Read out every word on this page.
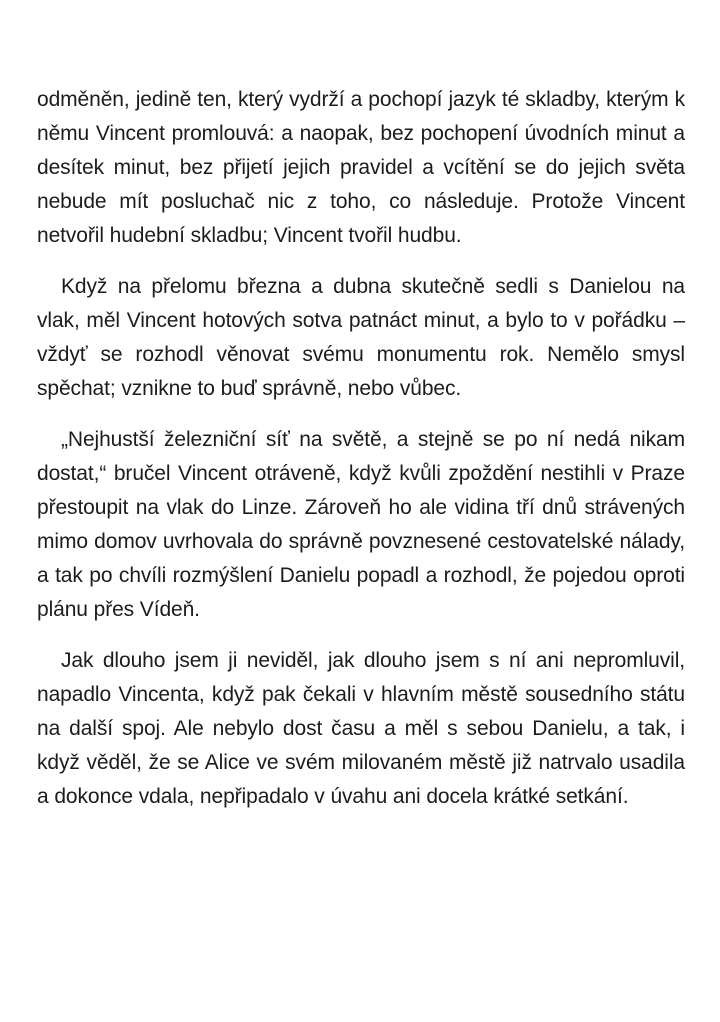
odměněn, jedině ten, který vydrží a pochopí jazyk té skladby, kterým k němu Vincent promlouvá: a naopak, bez pochopení úvodních minut a desítek minut, bez přijetí jejich pravidel a vcítění se do jejich světa nebude mít posluchač nic z toho, co následuje. Protože Vincent netvořil hudební skladbu; Vincent tvořil hudbu.

Když na přelomu března a dubna skutečně sedli s Danielou na vlak, měl Vincent hotových sotva patnáct minut, a bylo to v pořádku – vždyť se rozhodl věnovat svému monumentu rok. Nemělo smysl spěchat; vznikne to buď správně, nebo vůbec.

„Nejhustší železniční síť na světě, a stejně se po ní nedá nikam dostat,“ bručel Vincent otráveně, když kvůli zpoždění nestihli v Praze přestoupit na vlak do Linze. Zároveň ho ale vidina tří dnů strávených mimo domov uvrhovala do správně povznesené cestovatelské nálady, a tak po chvíli rozmýšlení Danielu popadl a rozhodl, že pojedou oproti plánu přes Vídeň.

Jak dlouho jsem ji neviděl, jak dlouho jsem s ní ani nepromluvil, napadlo Vincenta, když pak čekali v hlavním městě sousedního státu na další spoj. Ale nebylo dost času a měl s sebou Danielu, a tak, i když věděl, že se Alice ve svém milovaném městě již natrvalo usadila a dokonce vdala, nepřipadalo v úvahu ani docela krátké setkání.
